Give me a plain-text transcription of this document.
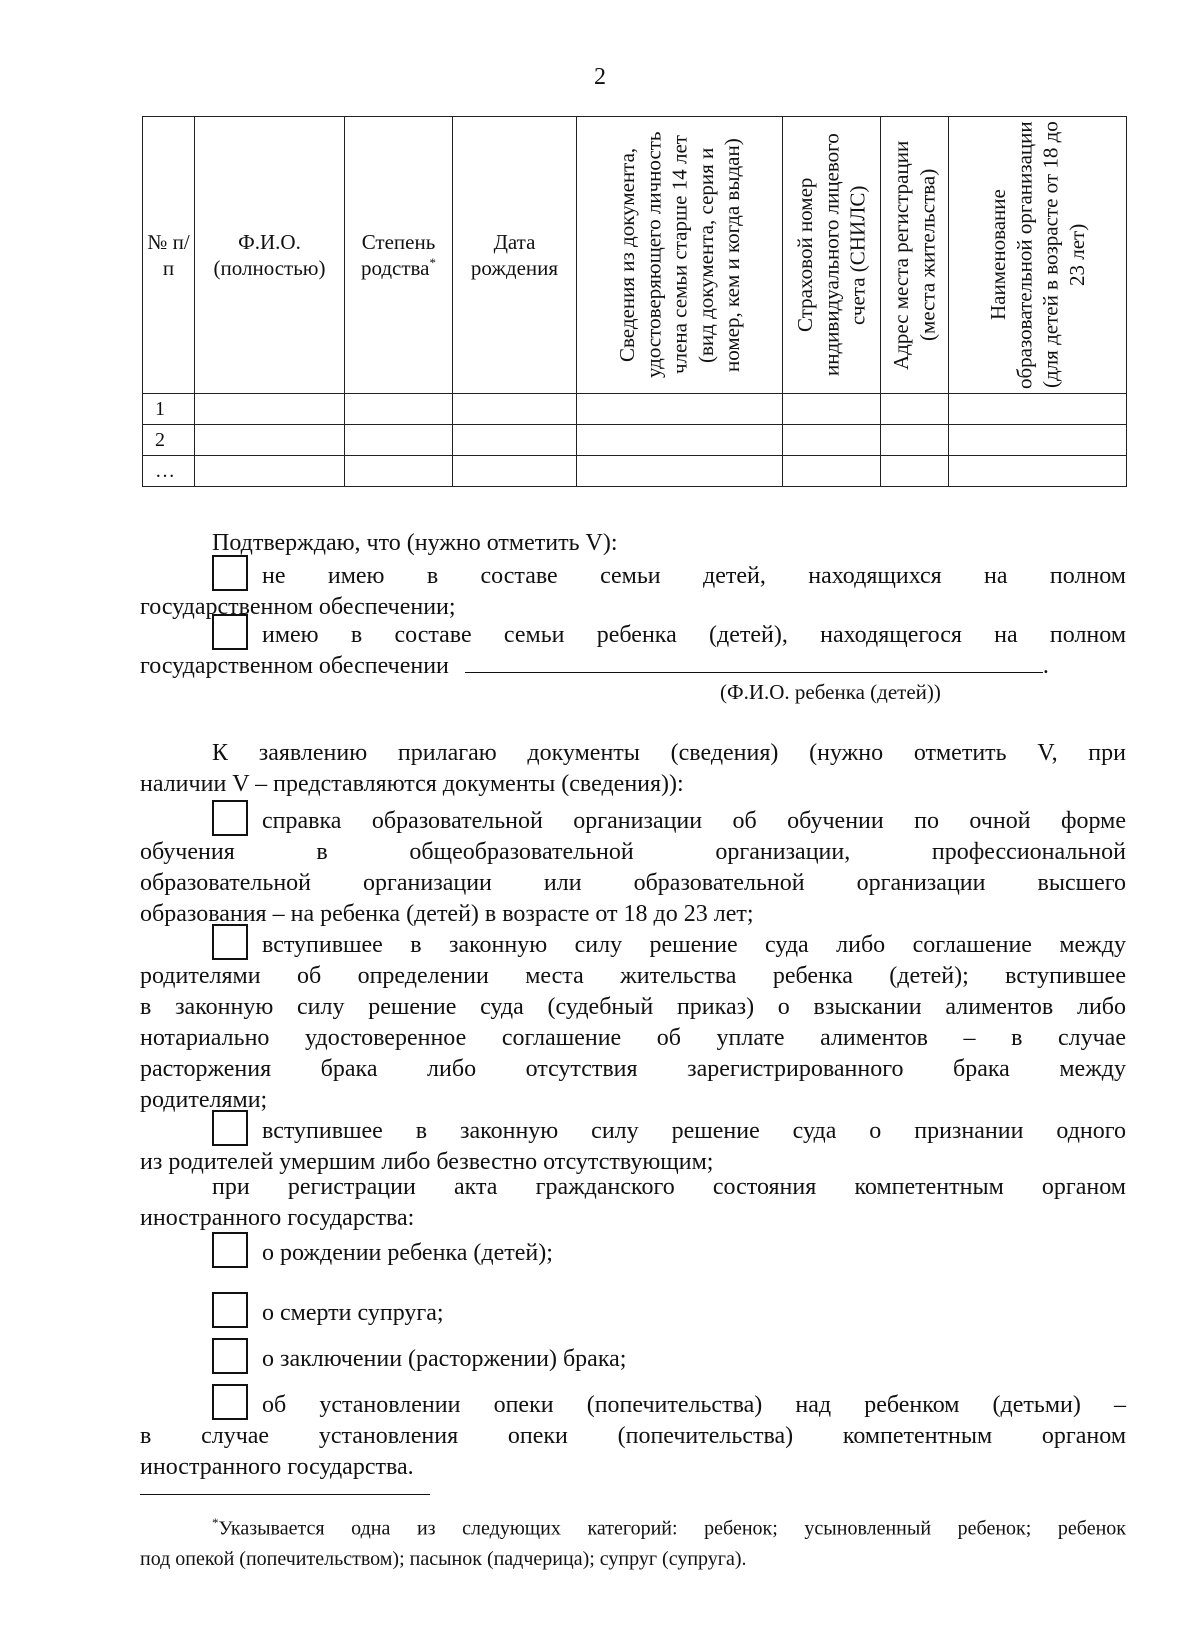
2
№ п/п	Ф.И.О. (полностью)	Степень родства*	Дата рождения	Сведения из документа, удостоверяющего личность члена семьи старше 14 лет (вид документа, серия и номер, кем и когда выдан)	Страховой номер индивидуального лицевого счета (СНИЛС)	Адрес места регистрации (места жительства)	Наименование образовательной организации (для детей в возрасте от 18 до 23 лет)

1							
2							
…							
Подтверждаю, что (нужно отметить V):
не имею в составе семьи детей, находящихся на полном
государственном обеспечении;
имею в составе семьи ребенка (детей), находящегося на полном
государственном обеспечении	.
(Ф.И.О. ребенка (детей))
К заявлению прилагаю документы (сведения) (нужно отметить V, при
наличии V – представляются документы (сведения)):
справка образовательной организации об обучении по очной форме
обучения в общеобразовательной организации, профессиональной
образовательной организации или образовательной организации высшего
образования – на ребенка (детей) в возрасте от 18 до 23 лет;
вступившее в законную силу решение суда либо соглашение между
родителями об определении места жительства ребенка (детей); вступившее
в законную силу решение суда (судебный приказ) о взыскании алиментов либо
нотариально удостоверенное соглашение об уплате алиментов – в случае
расторжения брака либо отсутствия зарегистрированного брака между
родителями;
вступившее в законную силу решение суда о признании одного
из родителей умершим либо безвестно отсутствующим;
при регистрации акта гражданского состояния компетентным органом
иностранного государства:
о рождении ребенка (детей);
о смерти супруга;
о заключении (расторжении) брака;
об установлении опеки (попечительства) над ребенком (детьми) –
в случае установления опеки (попечительства) компетентным органом
иностранного государства.
*Указывается одна из следующих категорий: ребенок; усыновленный ребенок; ребенок
под опекой (попечительством); пасынок (падчерица); супруг (супруга).
